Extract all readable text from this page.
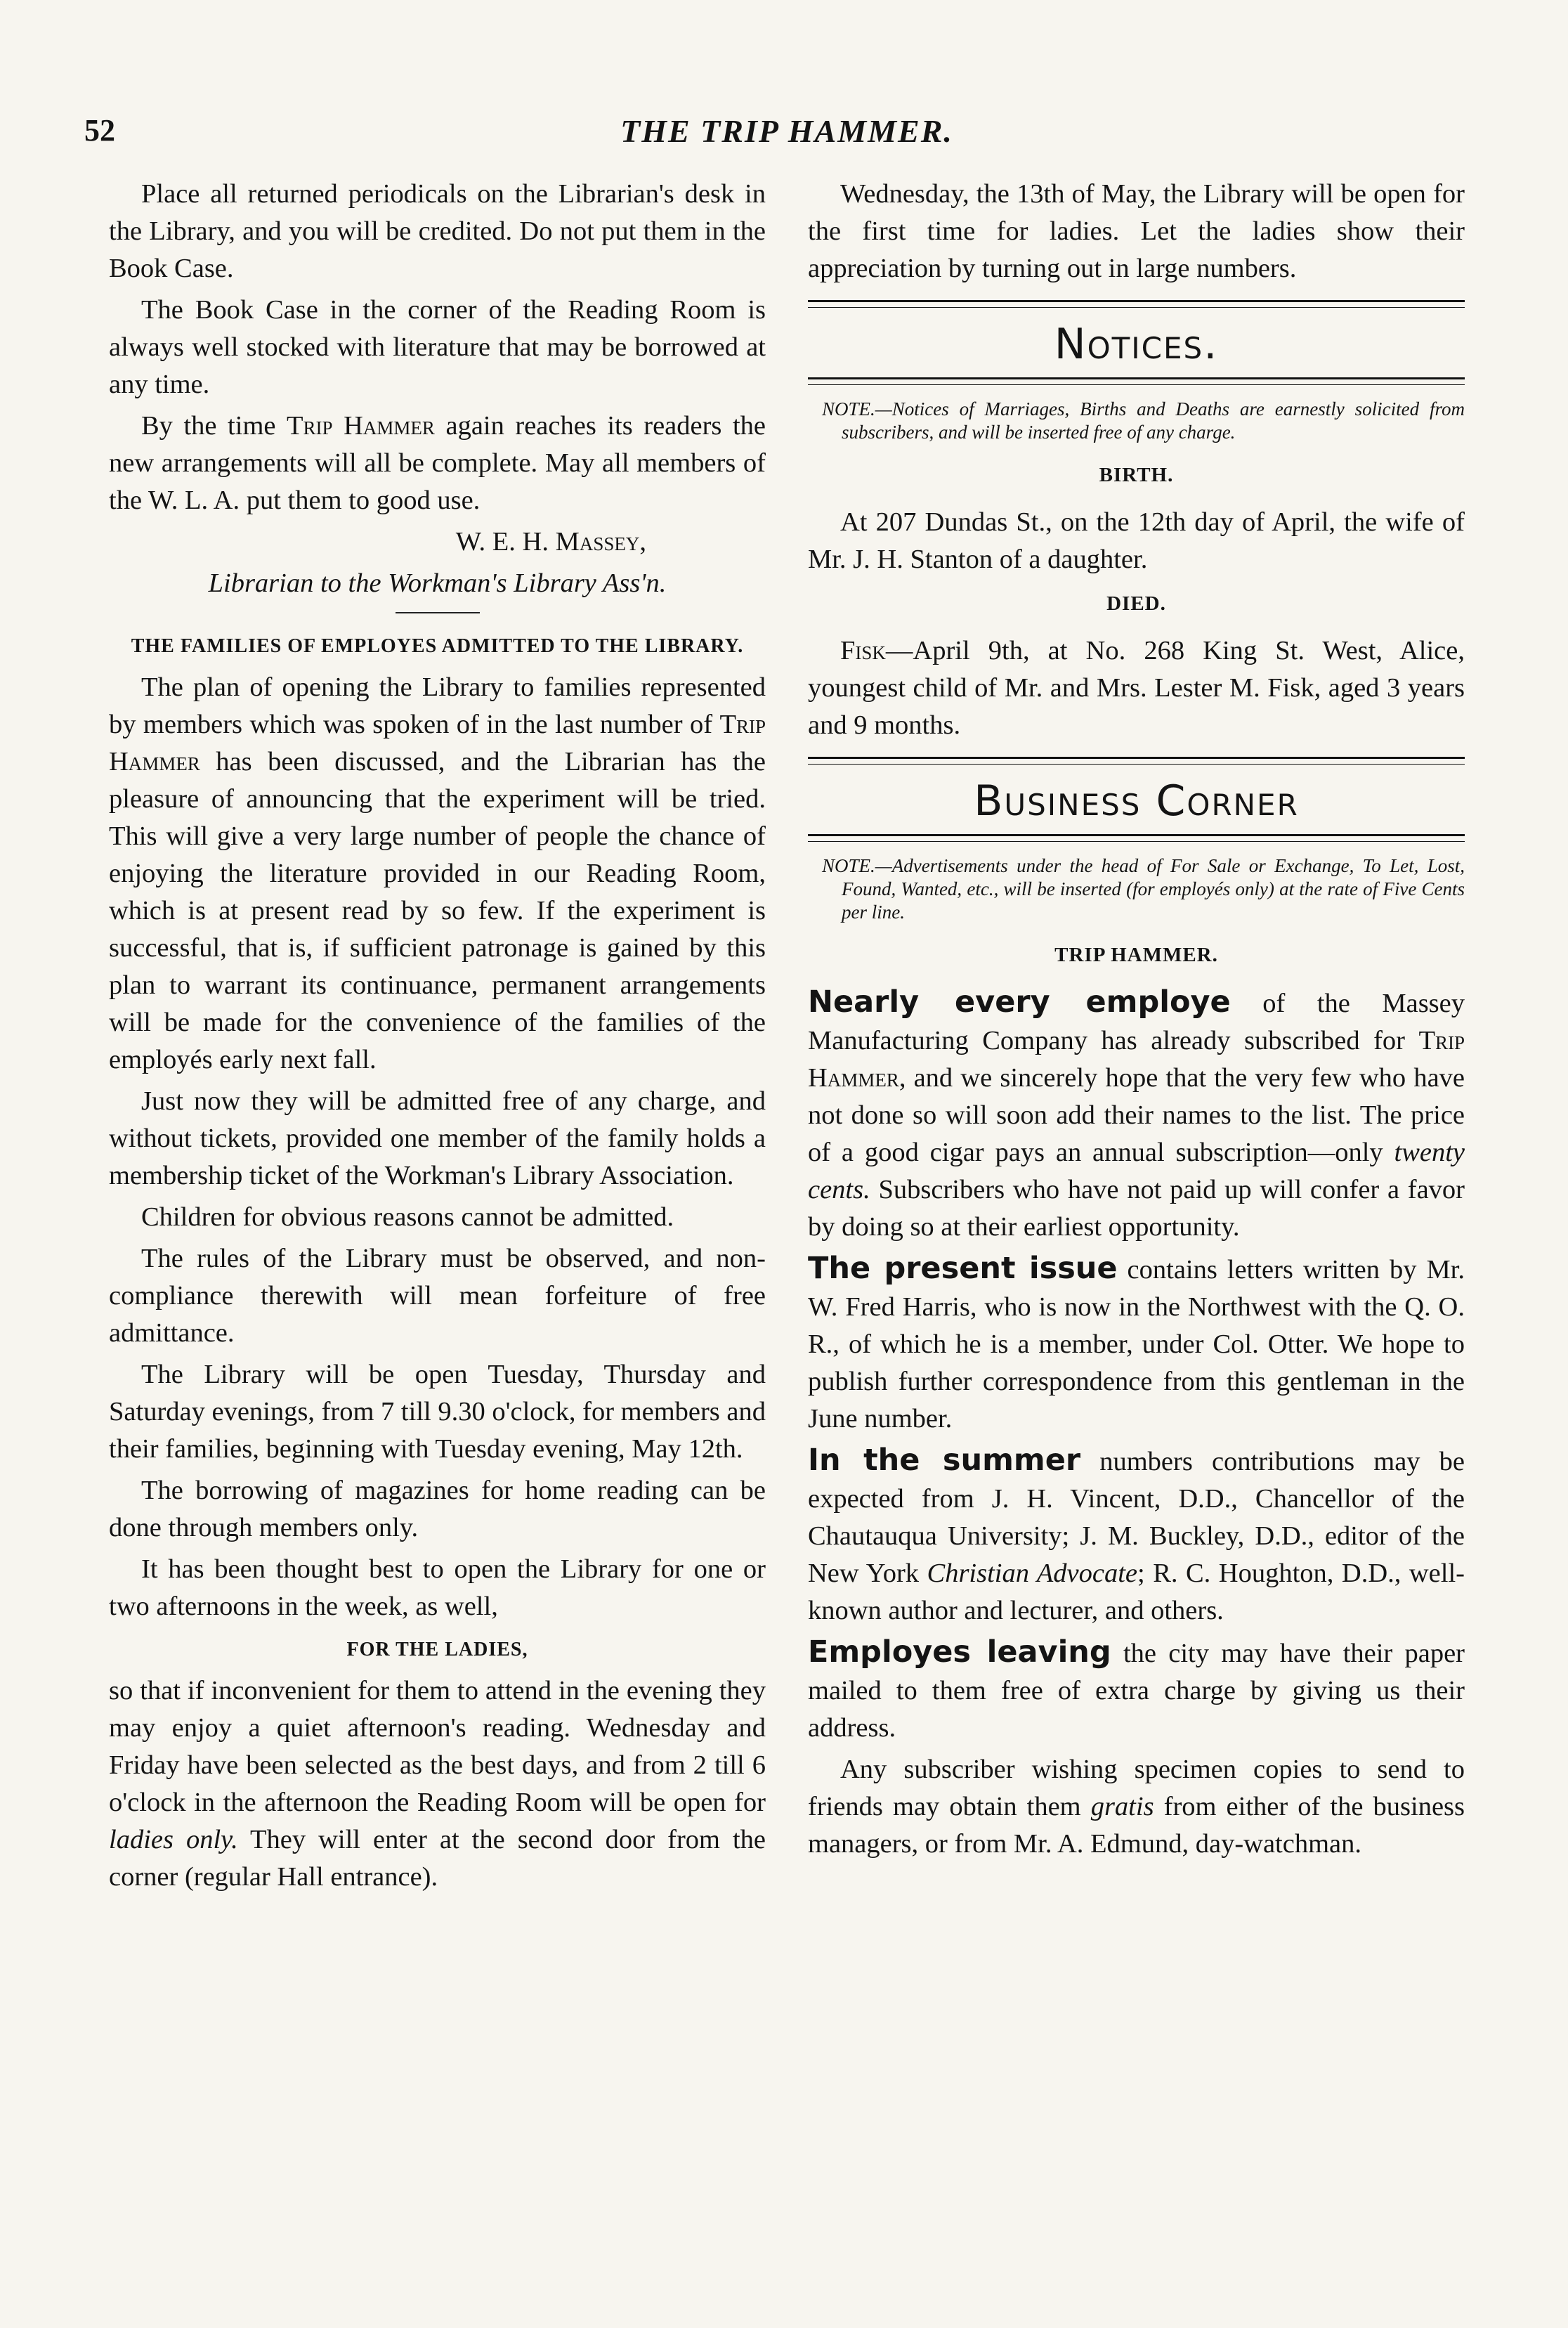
52	THE TRIP HAMMER.

Place all returned periodicals on the Librarian's desk in the Library, and you will be credited. Do not put them in the Book Case.

The Book Case in the corner of the Reading Room is always well stocked with literature that may be borrowed at any time.

By the time Trip Hammer again reaches its readers the new arrangements will all be complete. May all members of the W. L. A. put them to good use.

W. E. H. Massey,

Librarian to the Workman's Library Ass'n.

THE FAMILIES OF EMPLOYES ADMITTED TO THE LIBRARY.

The plan of opening the Library to families represented by members which was spoken of in the last number of Trip Hammer has been discussed, and the Librarian has the pleasure of announcing that the experiment will be tried. This will give a very large number of people the chance of enjoying the literature provided in our Reading Room, which is at present read by so few. If the experiment is successful, that is, if sufficient patronage is gained by this plan to warrant its continuance, permanent arrangements will be made for the convenience of the families of the employés early next fall.

Just now they will be admitted free of any charge, and without tickets, provided one member of the family holds a membership ticket of the Workman's Library Association.

Children for obvious reasons cannot be admitted.

The rules of the Library must be observed, and non-compliance therewith will mean forfeiture of free admittance.

The Library will be open Tuesday, Thursday and Saturday evenings, from 7 till 9.30 o'clock, for members and their families, beginning with Tuesday evening, May 12th.

The borrowing of magazines for home reading can be done through members only.

It has been thought best to open the Library for one or two afternoons in the week, as well,

FOR THE LADIES,

so that if inconvenient for them to attend in the evening they may enjoy a quiet afternoon's reading. Wednesday and Friday have been selected as the best days, and from 2 till 6 o'clock in the afternoon the Reading Room will be open for ladies only. They will enter at the second door from the corner (regular Hall entrance).

Wednesday, the 13th of May, the Library will be open for the first time for ladies. Let the ladies show their appreciation by turning out in large numbers.

Notices.

NOTE.—Notices of Marriages, Births and Deaths are earnestly solicited from subscribers, and will be inserted free of any charge.

BIRTH.

At 207 Dundas St., on the 12th day of April, the wife of Mr. J. H. Stanton of a daughter.

DIED.

Fisk—April 9th, at No. 268 King St. West, Alice, youngest child of Mr. and Mrs. Lester M. Fisk, aged 3 years and 9 months.

Business Corner

NOTE.—Advertisements under the head of For Sale or Exchange, To Let, Lost, Found, Wanted, etc., will be inserted (for employés only) at the rate of Five Cents per line.

TRIP HAMMER.

Nearly every employe of the Massey Manufacturing Company has already subscribed for Trip Hammer, and we sincerely hope that the very few who have not done so will soon add their names to the list. The price of a good cigar pays an annual subscription—only twenty cents. Subscribers who have not paid up will confer a favor by doing so at their earliest opportunity.

The present issue contains letters written by Mr. W. Fred Harris, who is now in the Northwest with the Q. O. R., of which he is a member, under Col. Otter. We hope to publish further correspondence from this gentleman in the June number.

In the summer numbers contributions may be expected from J. H. Vincent, D.D., Chancellor of the Chautauqua University; J. M. Buckley, D.D., editor of the New York Christian Advocate; R. C. Houghton, D.D., well-known author and lecturer, and others.

Employes leaving the city may have their paper mailed to them free of extra charge by giving us their address.

Any subscriber wishing specimen copies to send to friends may obtain them gratis from either of the business managers, or from Mr. A. Edmund, day-watchman.
